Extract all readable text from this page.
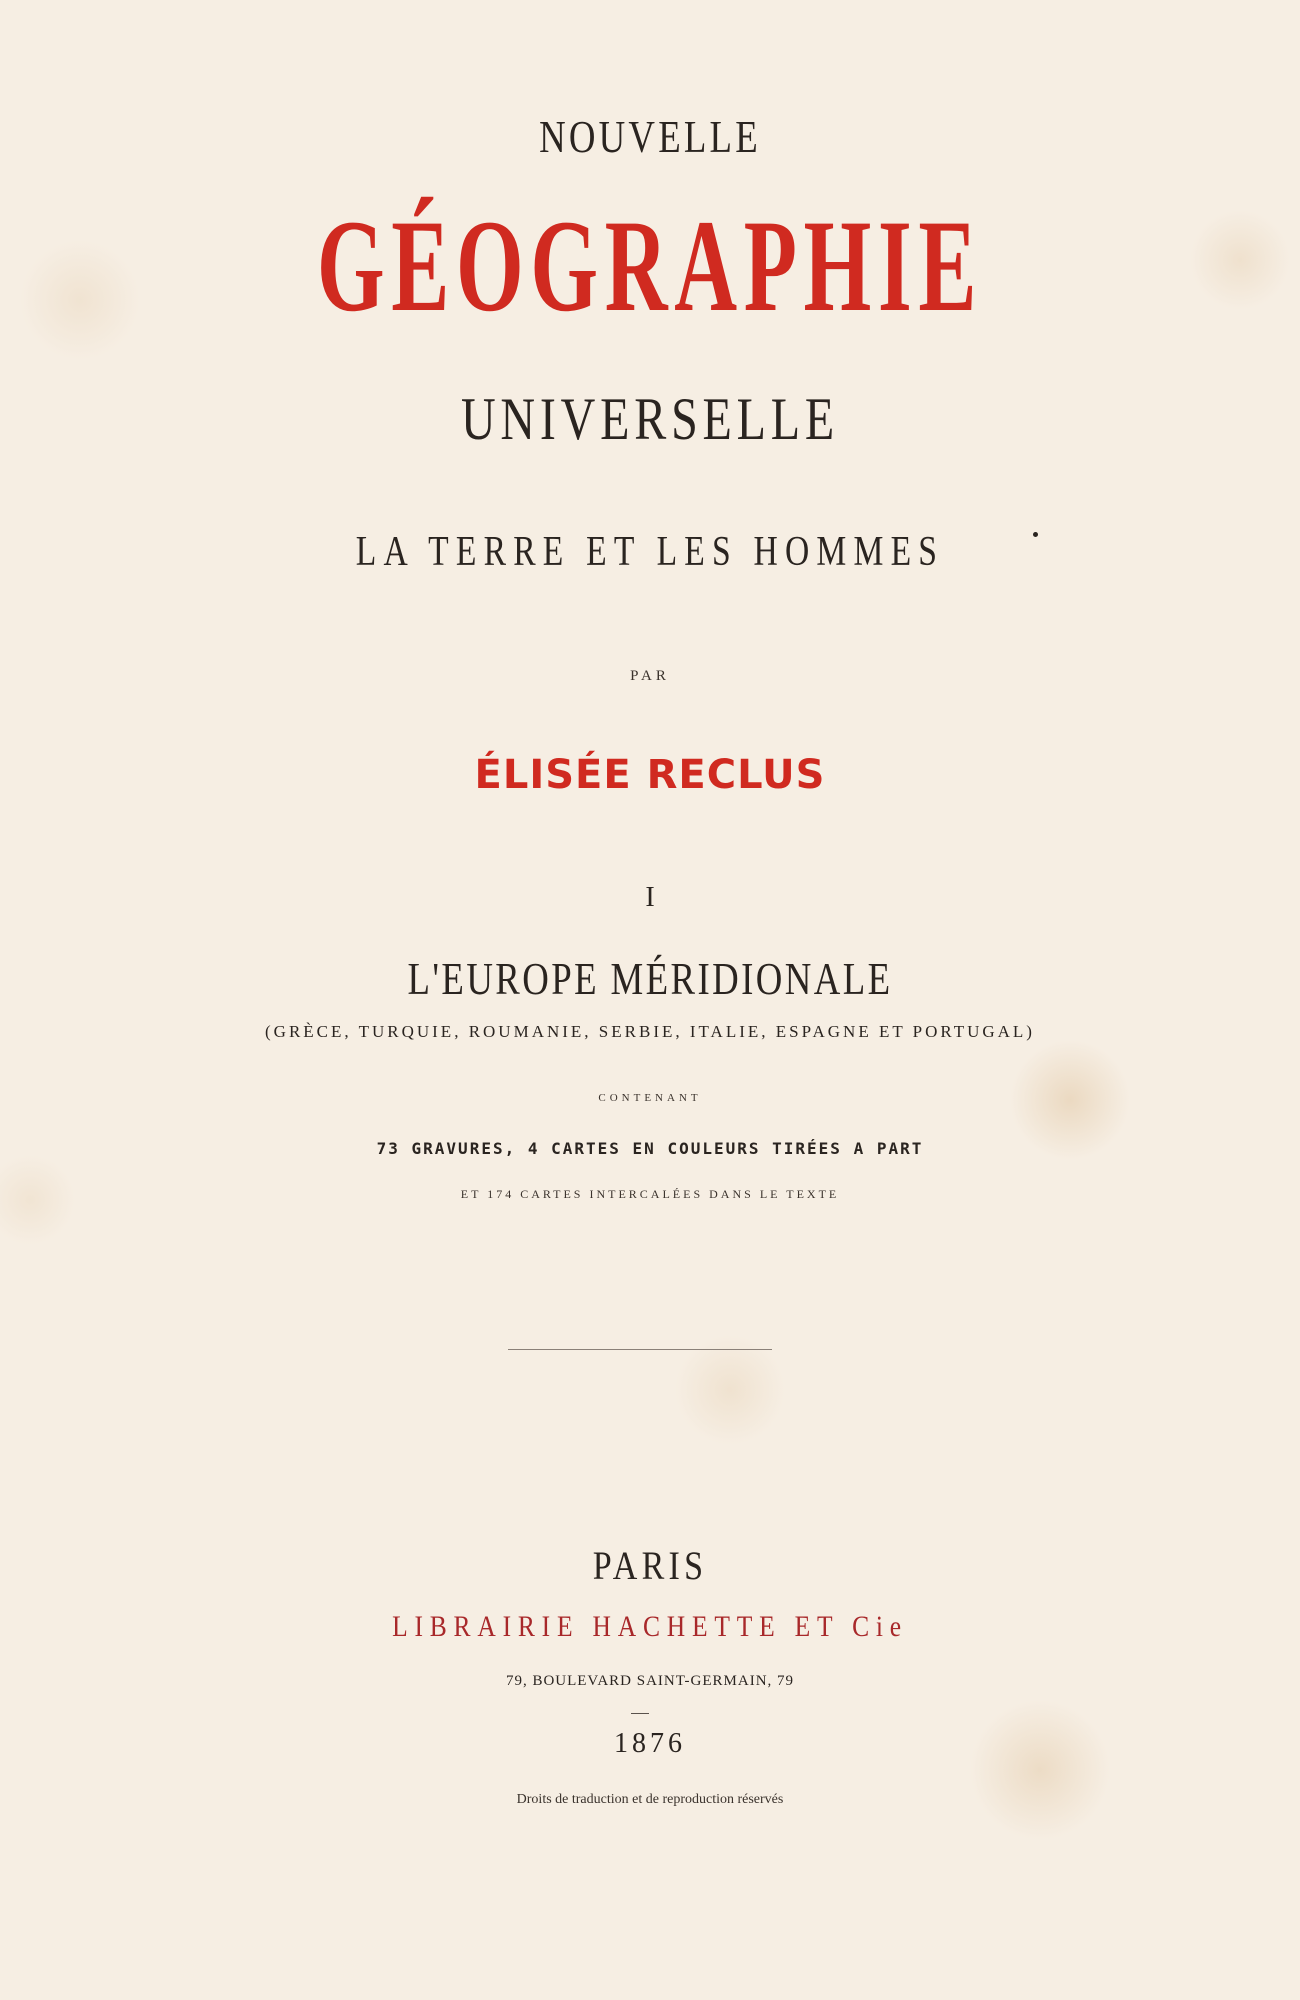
NOUVELLE
GÉOGRAPHIE
UNIVERSELLE
LA TERRE ET LES HOMMES
PAR
ÉLISÉE RECLUS
I
L'EUROPE MÉRIDIONALE
(GRÈCE, TURQUIE, ROUMANIE, SERBIE, ITALIE, ESPAGNE ET PORTUGAL)
CONTENANT
73 GRAVURES, 4 CARTES EN COULEURS TIRÉES A PART
ET 174 CARTES INTERCALÉES DANS LE TEXTE
PARIS
LIBRAIRIE HACHETTE ET Cie
79, BOULEVARD SAINT-GERMAIN, 79
1876
Droits de traduction et de reproduction réservés
